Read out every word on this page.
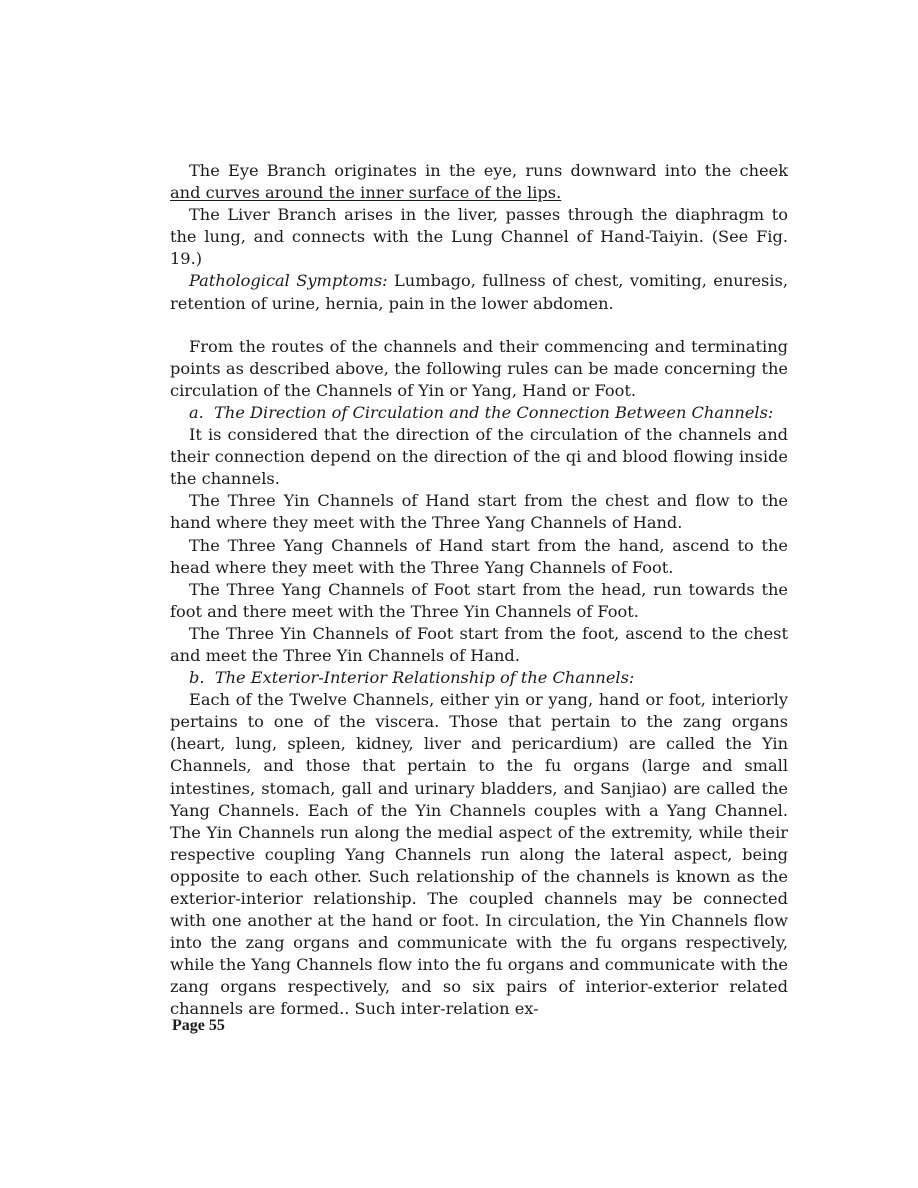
The Eye Branch originates in the eye, runs downward into the cheek and curves around the inner surface of the lips.

The Liver Branch arises in the liver, passes through the diaphragm to the lung, and connects with the Lung Channel of Hand-Taiyin. (See Fig. 19.)

Pathological Symptoms: Lumbago, fullness of chest, vomiting, enuresis, retention of urine, hernia, pain in the lower abdomen.

From the routes of the channels and their commencing and terminating points as described above, the following rules can be made concerning the circulation of the Channels of Yin or Yang, Hand or Foot.

a. The Direction of Circulation and the Connection Between Channels:

It is considered that the direction of the circulation of the channels and their connection depend on the direction of the qi and blood flowing inside the channels.

The Three Yin Channels of Hand start from the chest and flow to the hand where they meet with the Three Yang Channels of Hand.

The Three Yang Channels of Hand start from the hand, ascend to the head where they meet with the Three Yang Channels of Foot.

The Three Yang Channels of Foot start from the head, run towards the foot and there meet with the Three Yin Channels of Foot.

The Three Yin Channels of Foot start from the foot, ascend to the chest and meet the Three Yin Channels of Hand.

b. The Exterior-Interior Relationship of the Channels:

Each of the Twelve Channels, either yin or yang, hand or foot, interiorly pertains to one of the viscera. Those that pertain to the zang organs (heart, lung, spleen, kidney, liver and pericardium) are called the Yin Channels, and those that pertain to the fu organs (large and small intestines, stomach, gall and urinary bladders, and Sanjiao) are called the Yang Channels. Each of the Yin Channels couples with a Yang Channel. The Yin Channels run along the medial aspect of the extremity, while their respective coupling Yang Channels run along the lateral aspect, being opposite to each other. Such relationship of the channels is known as the exterior-interior relationship. The coupled channels may be connected with one another at the hand or foot. In circulation, the Yin Channels flow into the zang organs and communicate with the fu organs respectively, while the Yang Channels flow into the fu organs and communicate with the zang organs respectively, and so six pairs of interior-exterior related channels are formed.. Such inter-relation ex-

Page 55
